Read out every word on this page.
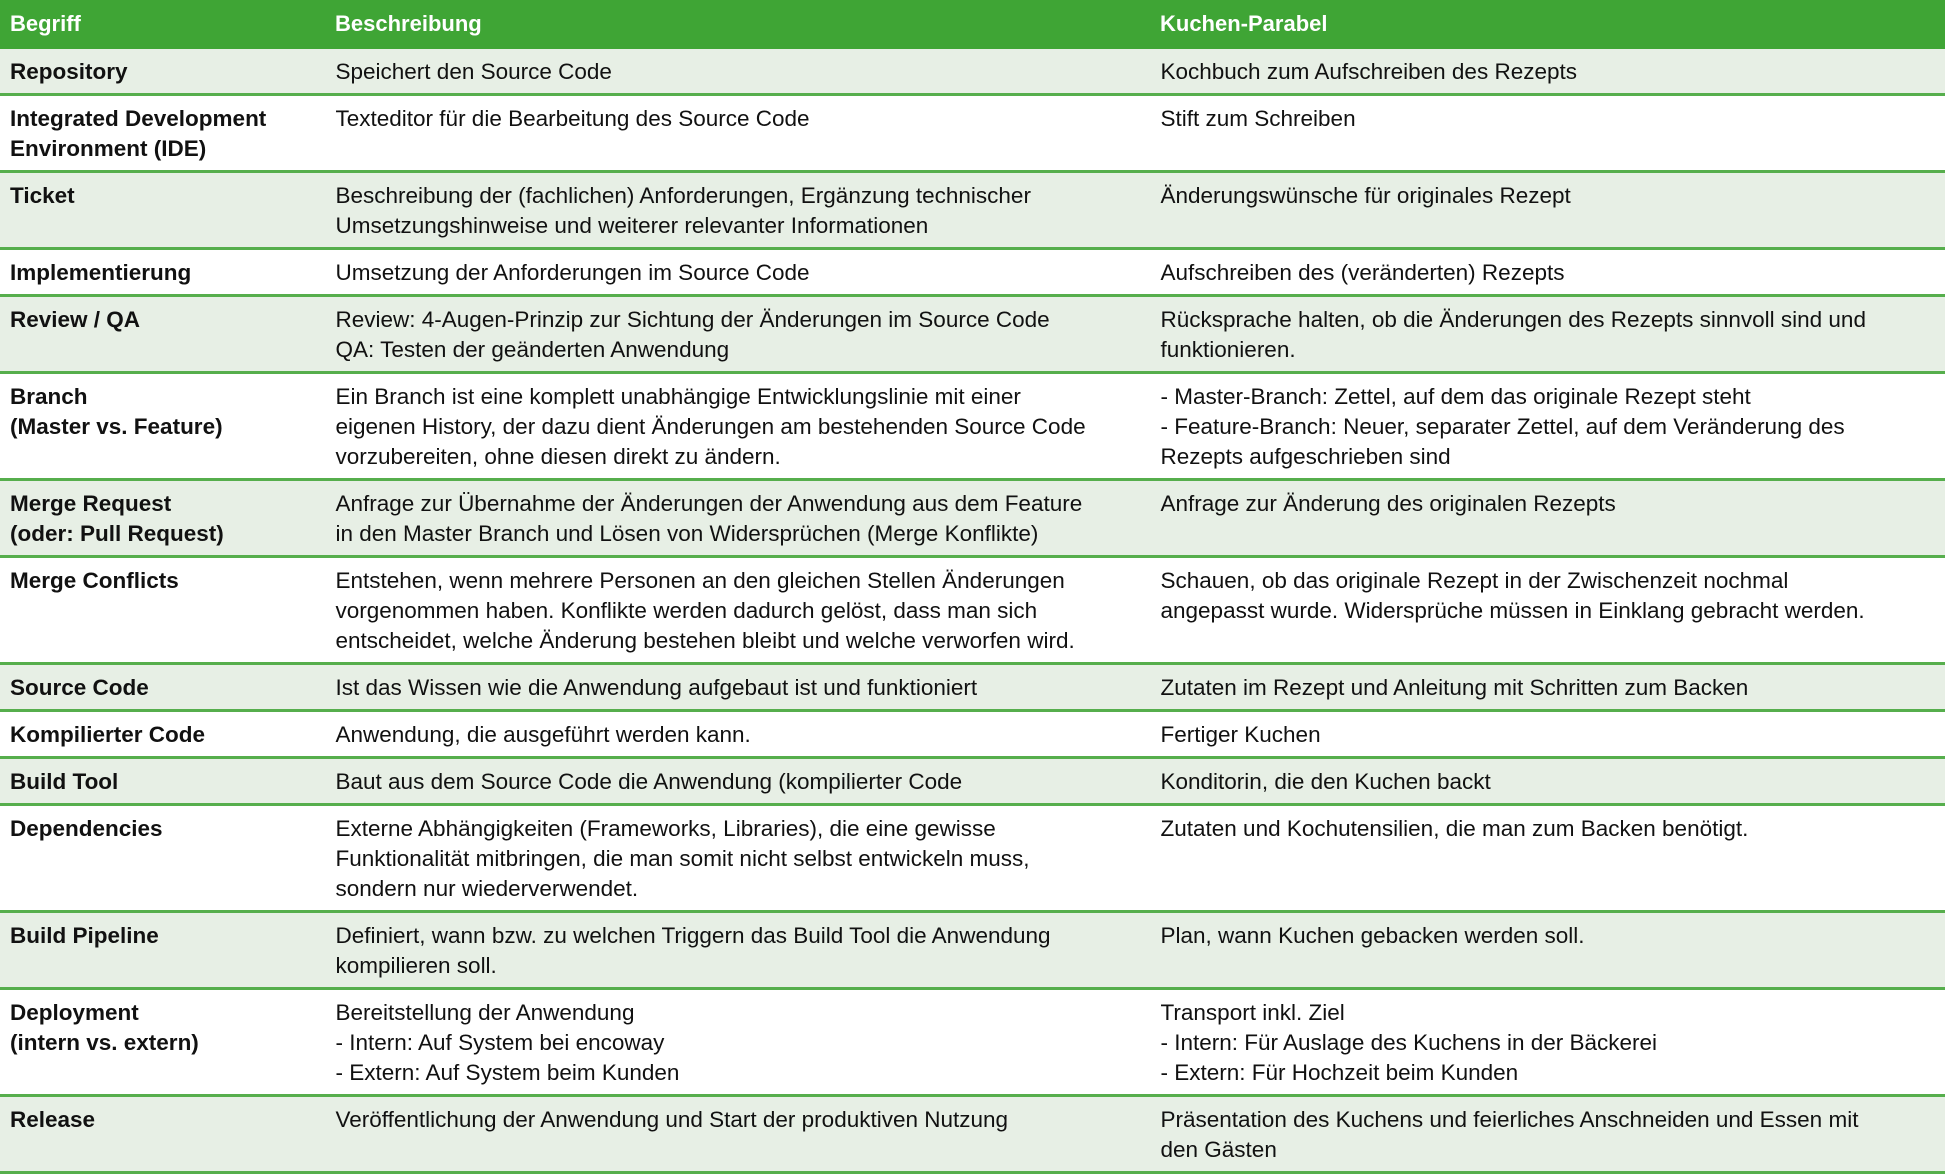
Begriff	Beschreibung	Kuchen-Parabel

Repository	Speichert den Source Code	Kochbuch zum Aufschreiben des Rezepts

Integrated Development
Environment (IDE)	Texteditor für die Bearbeitung des Source Code	Stift zum Schreiben

Ticket	Beschreibung der (fachlichen) Anforderungen, Ergänzung technischer
Umsetzungshinweise und weiterer relevanter Informationen	Änderungswünsche für originales Rezept

Implementierung	Umsetzung der Anforderungen im Source Code	Aufschreiben des (veränderten) Rezepts

Review / QA	Review: 4-Augen-Prinzip zur Sichtung der Änderungen im Source Code
QA: Testen der geänderten Anwendung	Rücksprache halten, ob die Änderungen des Rezepts sinnvoll sind und
funktionieren.

Branch
(Master vs. Feature)	Ein Branch ist eine komplett unabhängige Entwicklungslinie mit einer
eigenen History, der dazu dient Änderungen am bestehenden Source Code
vorzubereiten, ohne diesen direkt zu ändern.	- Master-Branch: Zettel, auf dem das originale Rezept steht
- Feature-Branch: Neuer, separater Zettel, auf dem Veränderung des
Rezepts aufgeschrieben sind

Merge Request
(oder: Pull Request)	Anfrage zur Übernahme der Änderungen der Anwendung aus dem Feature
in den Master Branch und Lösen von Widersprüchen (Merge Konflikte)	Anfrage zur Änderung des originalen Rezepts

Merge Conflicts	Entstehen, wenn mehrere Personen an den gleichen Stellen Änderungen
vorgenommen haben. Konflikte werden dadurch gelöst, dass man sich
entscheidet, welche Änderung bestehen bleibt und welche verworfen wird.	Schauen, ob das originale Rezept in der Zwischenzeit nochmal
angepasst wurde. Widersprüche müssen in Einklang gebracht werden.

Source Code	Ist das Wissen wie die Anwendung aufgebaut ist und funktioniert	Zutaten im Rezept und Anleitung mit Schritten zum Backen

Kompilierter Code	Anwendung, die ausgeführt werden kann.	Fertiger Kuchen

Build Tool	Baut aus dem Source Code die Anwendung (kompilierter Code	Konditorin, die den Kuchen backt

Dependencies	Externe Abhängigkeiten (Frameworks, Libraries), die eine gewisse
Funktionalität mitbringen, die man somit nicht selbst entwickeln muss,
sondern nur wiederverwendet.	Zutaten und Kochutensilien, die man zum Backen benötigt.

Build Pipeline	Definiert, wann bzw. zu welchen Triggern das Build Tool die Anwendung
kompilieren soll.	Plan, wann Kuchen gebacken werden soll.

Deployment
(intern vs. extern)	Bereitstellung der Anwendung
- Intern: Auf System bei encoway
- Extern: Auf System beim Kunden	Transport inkl. Ziel
- Intern: Für Auslage des Kuchens in der Bäckerei
- Extern: Für Hochzeit beim Kunden

Release	Veröffentlichung der Anwendung und Start der produktiven Nutzung	Präsentation des Kuchens und feierliches Anschneiden und Essen mit
den Gästen
